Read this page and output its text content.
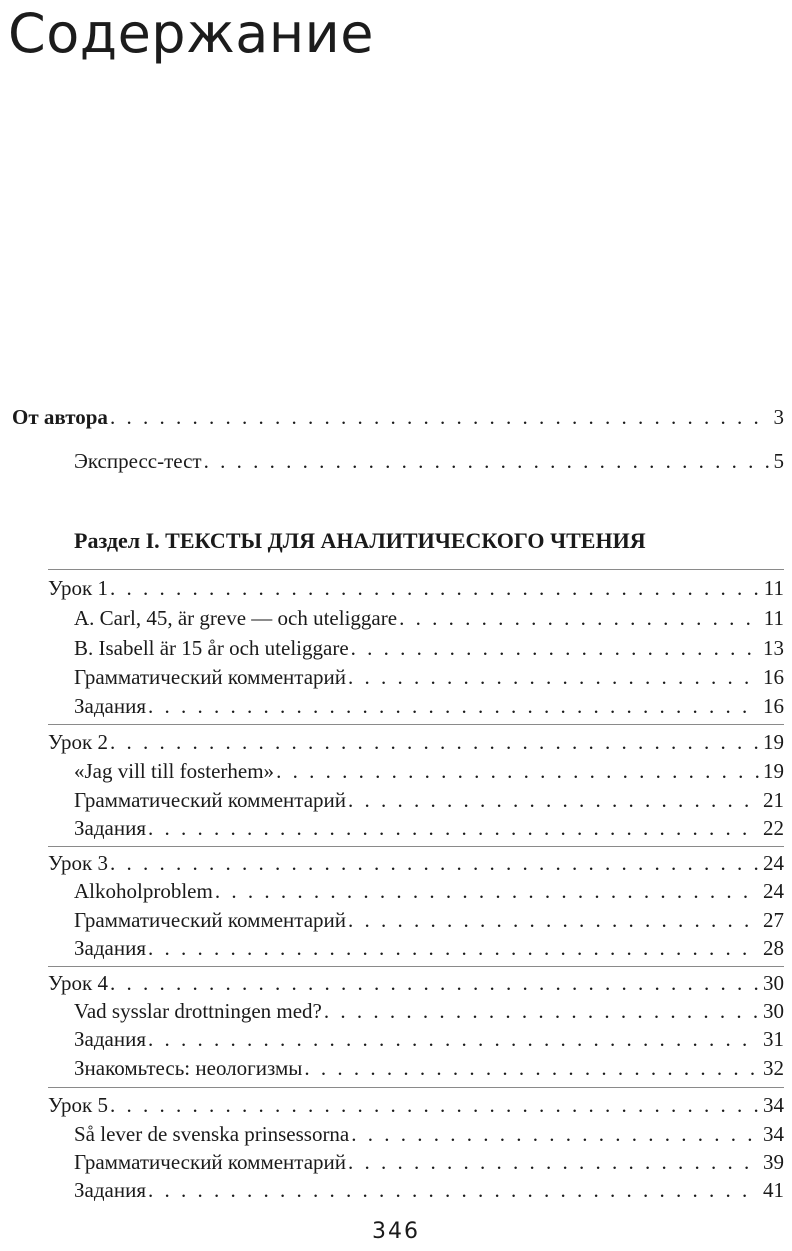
Содержание
От автора . . .	3
Экспресс-тест . . .	5
Раздел I. ТЕКСТЫ ДЛЯ АНАЛИТИЧЕСКОГО ЧТЕНИЯ
Урок 1 . . .	11
A. Carl, 45, är greve — och uteliggare . . .	11
B. Isabell är 15 år och uteliggare . . .	13
Грамматический комментарий . . .	16
Задания . . .	16
Урок 2 . . .	19
«Jag vill till fosterhem» . . .	19
Грамматический комментарий . . .	21
Задания . . .	22
Урок 3 . . .	24
Alkoholproblem . . .	24
Грамматический комментарий . . .	27
Задания . . .	28
Урок 4 . . .	30
Vad sysslar drottningen med? . . .	30
Задания . . .	31
Знакомьтесь: неологизмы . . .	32
Урок 5 . . .	34
Så lever de svenska prinsessorna . . .	34
Грамматический комментарий . . .	39
Задания . . .	41
346
